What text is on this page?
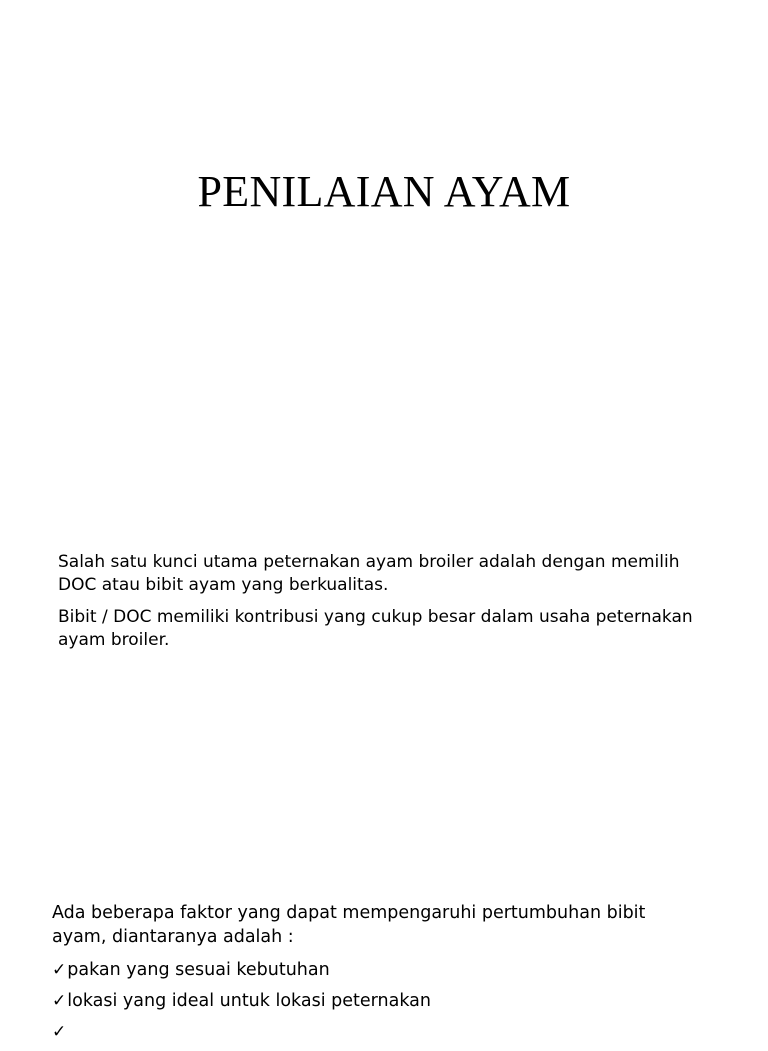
PENILAIAN AYAM

Salah satu kunci utama peternakan ayam broiler adalah dengan memilih DOC atau bibit ayam yang berkualitas.

Bibit / DOC memiliki kontribusi yang cukup besar dalam usaha peternakan ayam broiler.

Ada beberapa faktor yang dapat mempengaruhi pertumbuhan bibit ayam, diantaranya adalah :

✓pakan yang sesuai kebutuhan
✓lokasi yang ideal untuk lokasi peternakan
✓
